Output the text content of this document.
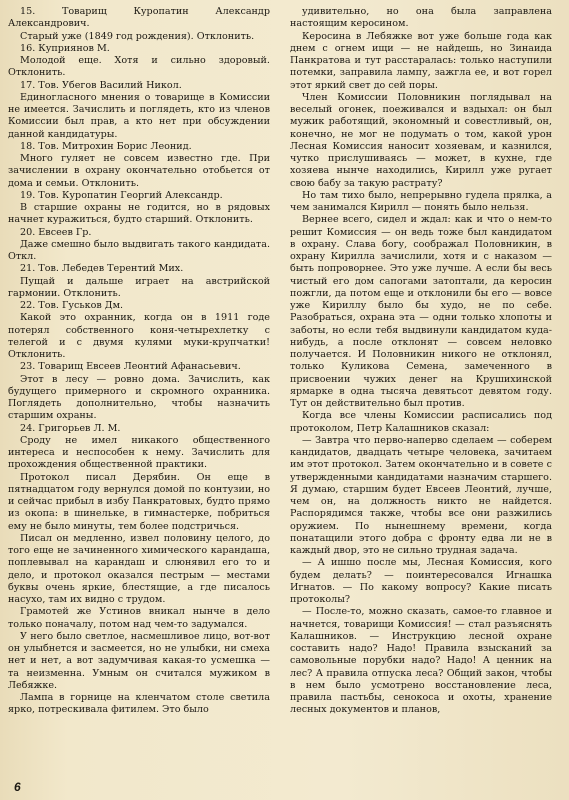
15. Товарищ Куропатин Александр Александрович.

Старый уже (1849 год рождения). Отклонить.

16. Куприянов М.

Молодой еще. Хотя и сильно здоровый. Отклонить.

17. Тов. Убегов Василий Никол.

Единогласного мнения о товарище в Комиссии не имеется. Зачислить и поглядеть, кто из членов Комиссии был прав, а кто нет при обсуждении данной кандидатуры.

18. Тов. Митрохин Борис Леонид.

Много гуляет не совсем известно где. При зачислении в охрану окончательно отобьется от дома и семьи. Отклонить.

19. Тов. Куропатин Георгий Александр.

В старшие охраны не годится, но в рядовых начнет куражиться, будто старший. Отклонить.

20. Евсеев Гр.

Даже смешно было выдвигать такого кандидата. Откл.

21. Тов. Лебедев Терентий Мих.

Пущай и дальше играет на австрийской гармонии. Отклонить.

22. Тов. Гуськов Дм.

Какой это охранник, когда он в 1911 годе потерял собственного коня-четырехлетку с телегой и с двумя кулями муки-крупчатки! Отклонить.

23. Товарищ Евсеев Леонтий Афанасьевич.

Этот в лесу — ровно дома. Зачислить, как будущего примерного и скромного охранника. Поглядеть дополнительно, чтобы назначить старшим охраны.

24. Григорьев Л. М.

Сроду не имел никакого общественного интереса и неспособен к нему. Зачислить для прохождения общественной практики.

Протокол писал Дерябин. Он еще в пятнадцатом году вернулся домой по контузии, но и сейчас прибыл в избу Панкратовых, будто прямо из окопа: в шинельке, в гимнастерке, побриться ему не было минуты, тем более подстричься.

Писал он медленно, извел половину целого, до того еще не зачиненного химического карандаша, поплевывал на карандаш и слюнявил его то и дело, и протокол оказался пестрым — местами буквы очень яркие, блестящие, а где писалось насухо, там их видно с трудом.

Грамотей же Устинов вникал нынче в дело только поначалу, потом над чем-то задумался.

У него было светлое, насмешливое лицо, вот-вот он улыбнется и засмеется, но не улыбки, ни смеха нет и нет, а вот задумчивая какая-то усмешка — та неизменна. Умным он считался мужиком в Лебяжке.

Лампа в горнице на кленчатом столе светила ярко, потрескивала фитилем. Это было

удивительно, но она была заправлена настоящим керосином.

Керосина в Лебяжке вот уже больше года как днем с огнем ищи — не найдешь, но Зинаида Панкратова и тут расстаралась: только наступили потемки, заправила лампу, зажгла ее, и вот горел этот яркий свет до сей поры.

Член Комиссии Половникин поглядывал на веселый огонек, поеживался и вздыхал: он был мужик работящий, экономный и совестливый, он, конечно, не мог не подумать о том, какой урон Лесная Комиссия наносит хозяевам, и казнился, чутко прислушиваясь — может, в кухне, где хозяева нынче находились, Кирилл уже ругает свою бабу за такую растрату?

Но там тихо было, непрерывно гудела прялка, а чем занимался Кирилл — понять было нельзя.

Вернее всего, сидел и ждал: как и что о нем-то решит Комиссия — он ведь тоже был кандидатом в охрану. Слава богу, соображал Половникин, в охрану Кирилла зачислили, хотя и с наказом — быть попроворнее. Это уже лучше. А если бы весь чистый его дом сапогами затоптали, да керосин пожгли, да потом еще и отклонили бы его — вовсе уже Кириллу было бы худо, не по себе. Разобраться, охрана эта — одни только хлопоты и заботы, но если тебя выдвинули кандидатом куда-нибудь, а после отклонят — совсем неловко получается. И Половникин никого не отклонял, только Куликова Семена, замеченного в присвоении чужих денег на Крушихинской ярмарке в одна тысяча девятьсот девятом году. Тут он действительно был против.

Когда все члены Комиссии расписались под протоколом, Петр Калашников сказал:

— Завтра что перво-наперво сделаем — соберем кандидатов, двадцать четыре человека, зачитаем им этот протокол. Затем окончательно и в совете с утвержденными кандидатами назначим старшего. Я думаю, старшим будет Евсеев Леонтий, лучше, чем он, на должность никто не найдется. Распорядимся также, чтобы все они разжились оружием. По нынешнему времени, когда понатащили этого добра с фронту едва ли не в каждый двор, это не сильно трудная задача.

— А ишшо после мы, Лесная Комиссия, кого будем делать? — поинтересовался Игнашка Игнатов. — По какому вопросу? Какие писать протоколы?

— После-то, можно сказать, самое-то главное и начнется, товарищи Комиссия! — стал разъяснять Калашников. — Инструкцию лесной охране составить надо? Надо! Правила взысканий за самовольные порубки надо? Надо! А ценник на лес? А правила отпуска леса? Общий закон, чтобы в нем было усмотрено восстановление леса, правила пастьбы, сенокоса и охоты, хранение лесных документов и планов,

6
